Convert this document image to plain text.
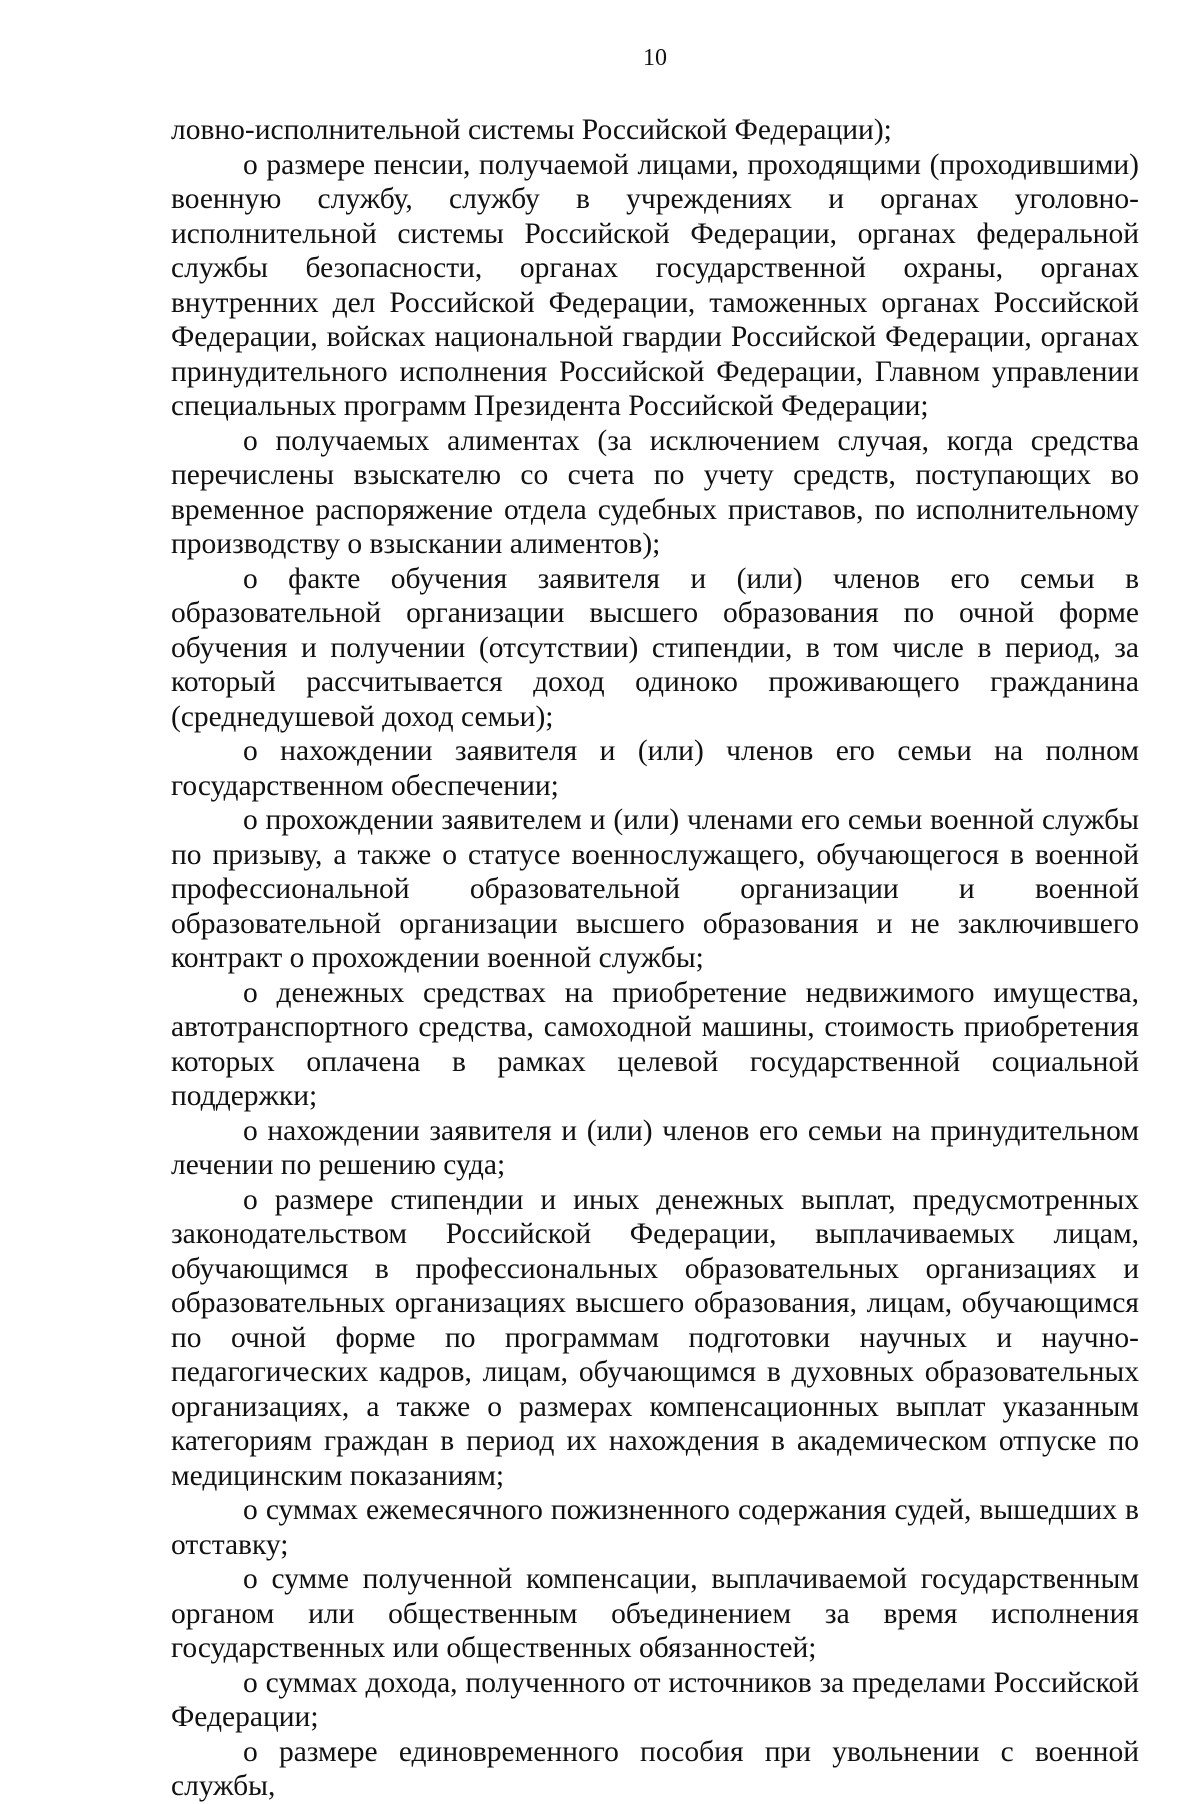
10

ловно-исполнительной системы Российской Федерации);

о размере пенсии, получаемой лицами, проходящими (проходившими) военную службу, службу в учреждениях и органах уголовно-исполнительной системы Российской Федерации, органах федеральной службы безопасности, органах государственной охраны, органах внутренних дел Российской Федерации, таможенных органах Российской Федерации, войсках национальной гвардии Российской Федерации, органах принудительного исполнения Российской Федерации, Главном управлении специальных программ Президента Российской Федерации;

о получаемых алиментах (за исключением случая, когда средства перечислены взыскателю со счета по учету средств, поступающих во временное распоряжение отдела судебных приставов, по исполнительному производству о взыскании алиментов);

о факте обучения заявителя и (или) членов его семьи в образовательной организации высшего образования по очной форме обучения и получении (отсутствии) стипендии, в том числе в период, за который рассчитывается доход одиноко проживающего гражданина (среднедушевой доход семьи);

о нахождении заявителя и (или) членов его семьи на полном государственном обеспечении;

о прохождении заявителем и (или) членами его семьи военной службы по призыву, а также о статусе военнослужащего, обучающегося в военной профессиональной образовательной организации и военной образовательной организации высшего образования и не заключившего контракт о прохождении военной службы;

о денежных средствах на приобретение недвижимого имущества, автотранспортного средства, самоходной машины, стоимость приобретения которых оплачена в рамках целевой государственной социальной поддержки;

о нахождении заявителя и (или) членов его семьи на принудительном лечении по решению суда;

о размере стипендии и иных денежных выплат, предусмотренных законодательством Российской Федерации, выплачиваемых лицам, обучающимся в профессиональных образовательных организациях и образовательных организациях высшего образования, лицам, обучающимся по очной форме по программам подготовки научных и научно-педагогических кадров, лицам, обучающимся в духовных образовательных организациях, а также о размерах компенсационных выплат указанным категориям граждан в период их нахождения в академическом отпуске по медицинским показаниям;

о суммах ежемесячного пожизненного содержания судей, вышедших в отставку;

о сумме полученной компенсации, выплачиваемой государственным органом или общественным объединением за время исполнения государственных или общественных обязанностей;

о суммах дохода, полученного от источников за пределами Российской Федерации;

о размере единовременного пособия при увольнении с военной службы,
